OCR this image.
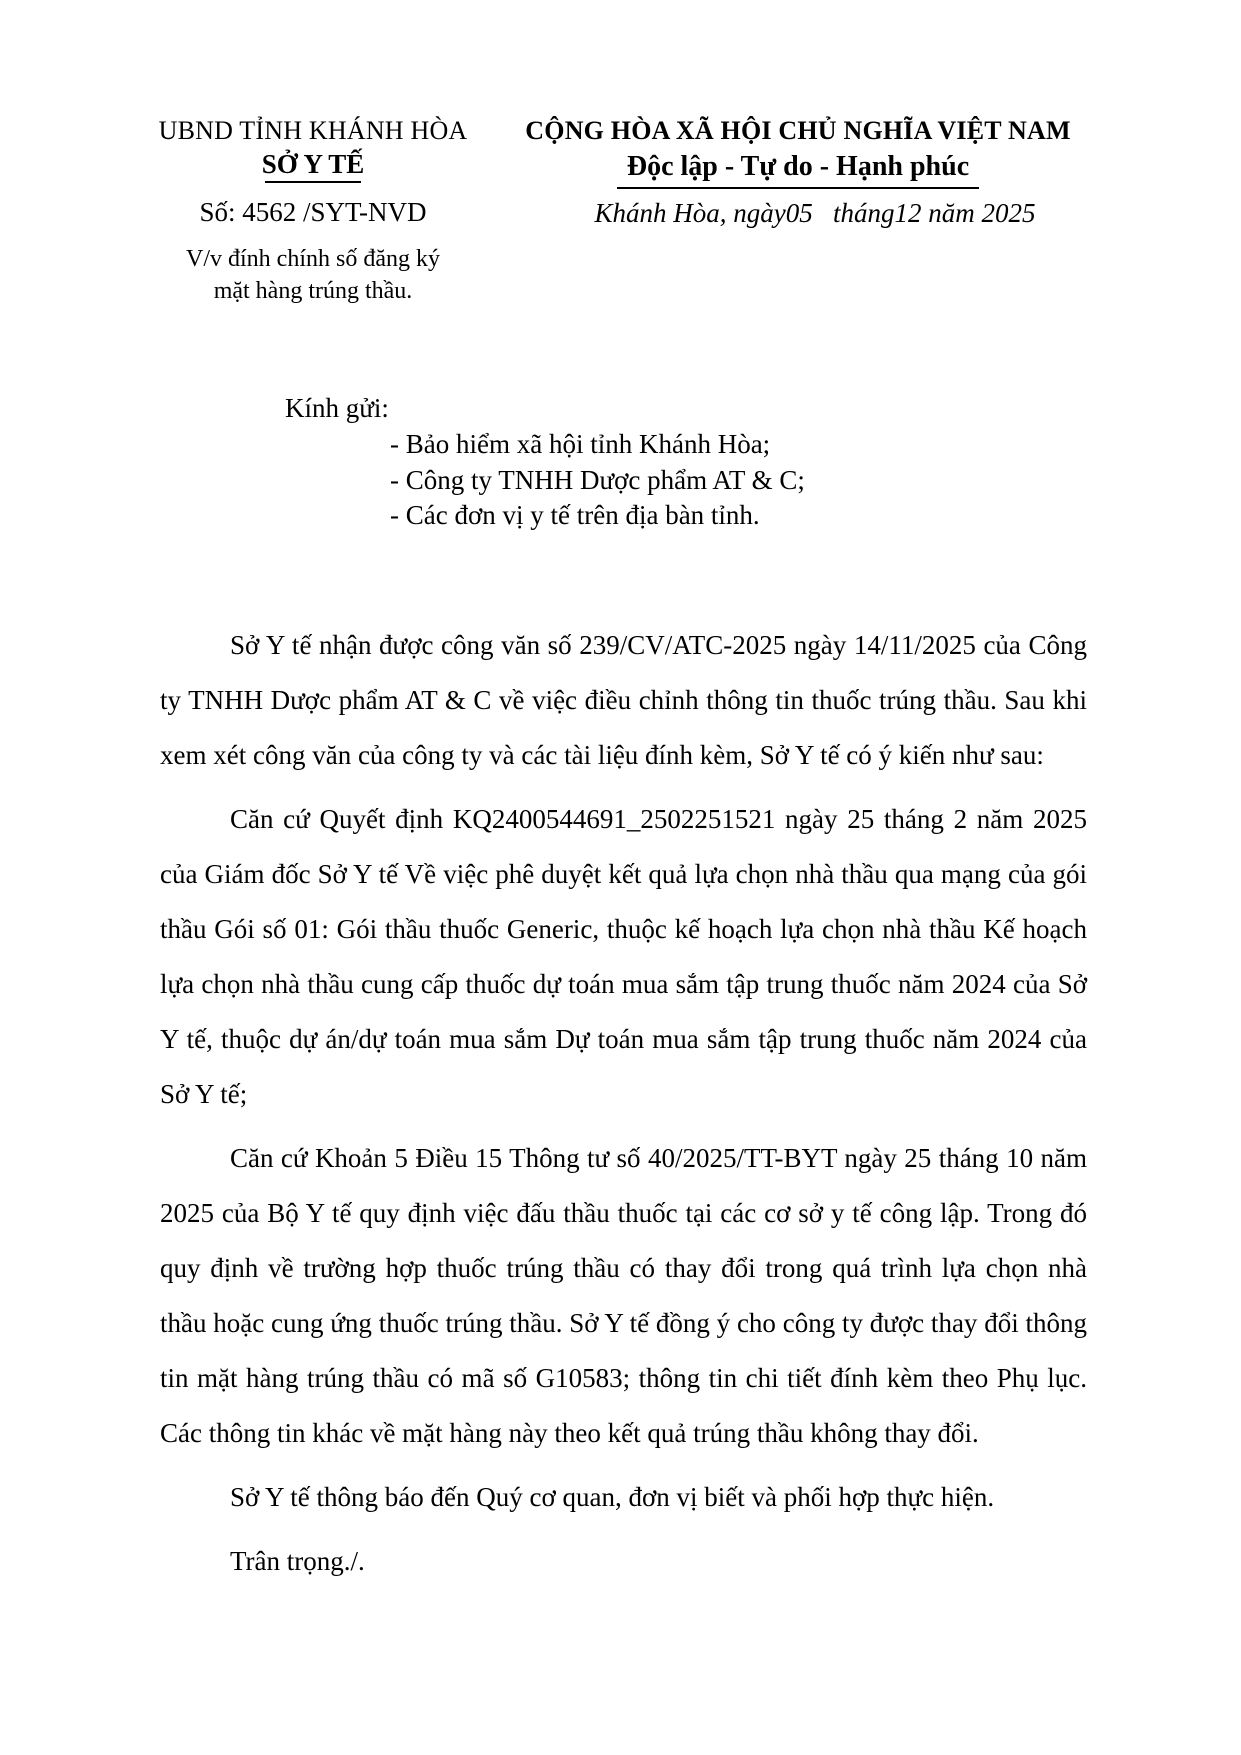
UBND TỈNH KHÁNH HÒA
SỞ Y TẾ
Số: 4562 /SYT-NVD
V/v đính chính số đăng ký
mặt hàng trúng thầu.
CỘNG HÒA XÃ HỘI CHỦ NGHĨA VIỆT NAM
Độc lập - Tự do - Hạnh phúc
Khánh Hòa, ngày05   tháng12 năm 2025
Kính gửi:
- Bảo hiểm xã hội tỉnh Khánh Hòa;
- Công ty TNHH Dược phẩm AT & C;
- Các đơn vị y tế trên địa bàn tỉnh.

Sở Y tế nhận được công văn số 239/CV/ATC-2025 ngày 14/11/2025 của Công ty TNHH Dược phẩm AT & C về việc điều chỉnh thông tin thuốc trúng thầu. Sau khi xem xét công văn của công ty và các tài liệu đính kèm, Sở Y tế có ý kiến như sau:

Căn cứ Quyết định KQ2400544691_2502251521 ngày 25 tháng 2 năm 2025 của Giám đốc Sở Y tế Về việc phê duyệt kết quả lựa chọn nhà thầu qua mạng của gói thầu Gói số 01: Gói thầu thuốc Generic, thuộc kế hoạch lựa chọn nhà thầu Kế hoạch lựa chọn nhà thầu cung cấp thuốc dự toán mua sắm tập trung thuốc năm 2024 của Sở Y tế, thuộc dự án/dự toán mua sắm Dự toán mua sắm tập trung thuốc năm 2024 của Sở Y tế;

Căn cứ Khoản 5 Điều 15 Thông tư số 40/2025/TT-BYT ngày 25 tháng 10 năm 2025 của Bộ Y tế quy định việc đấu thầu thuốc tại các cơ sở y tế công lập. Trong đó quy định về trường hợp thuốc trúng thầu có thay đổi trong quá trình lựa chọn nhà thầu hoặc cung ứng thuốc trúng thầu. Sở Y tế đồng ý cho công ty được thay đổi thông tin mặt hàng trúng thầu có mã số G10583; thông tin chi tiết đính kèm theo Phụ lục. Các thông tin khác về mặt hàng này theo kết quả trúng thầu không thay đổi.

Sở Y tế thông báo đến Quý cơ quan, đơn vị biết và phối hợp thực hiện.

Trân trọng./.
